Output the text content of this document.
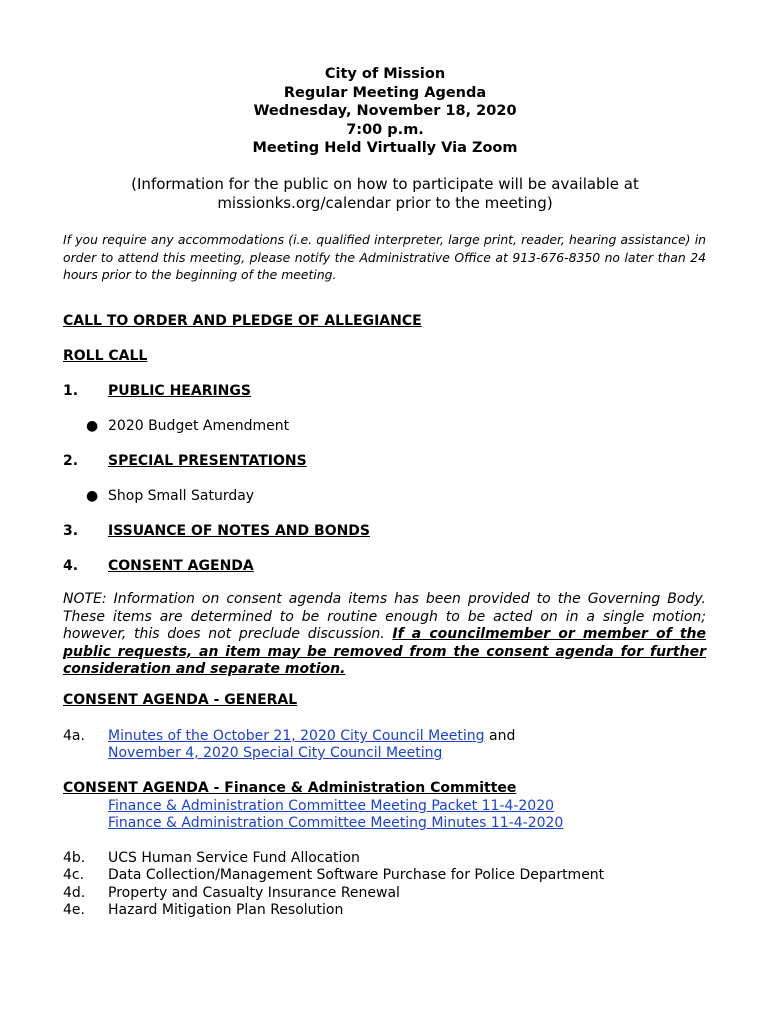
City of Mission
Regular Meeting Agenda
Wednesday, November 18, 2020
7:00 p.m.
Meeting Held Virtually Via Zoom
(Information for the public on how to participate will be available at
missionks.org/calendar prior to the meeting)
If you require any accommodations (i.e. qualified interpreter, large print, reader, hearing assistance) in order to attend this meeting, please notify the Administrative Office at 913-676-8350 no later than 24 hours prior to the beginning of the meeting.
CALL TO ORDER AND PLEDGE OF ALLEGIANCE
ROLL CALL
1. PUBLIC HEARINGS
● 2020 Budget Amendment
2. SPECIAL PRESENTATIONS
● Shop Small Saturday
3. ISSUANCE OF NOTES AND BONDS
4. CONSENT AGENDA
NOTE: Information on consent agenda items has been provided to the Governing Body. These items are determined to be routine enough to be acted on in a single motion; however, this does not preclude discussion. If a councilmember or member of the public requests, an item may be removed from the consent agenda for further consideration and separate motion.
CONSENT AGENDA - GENERAL
4a. Minutes of the October 21, 2020 City Council Meeting and
November 4, 2020 Special City Council Meeting
CONSENT AGENDA - Finance & Administration Committee
Finance & Administration Committee Meeting Packet 11-4-2020
Finance & Administration Committee Meeting Minutes 11-4-2020
4b. UCS Human Service Fund Allocation
4c. Data Collection/Management Software Purchase for Police Department
4d. Property and Casualty Insurance Renewal
4e. Hazard Mitigation Plan Resolution
